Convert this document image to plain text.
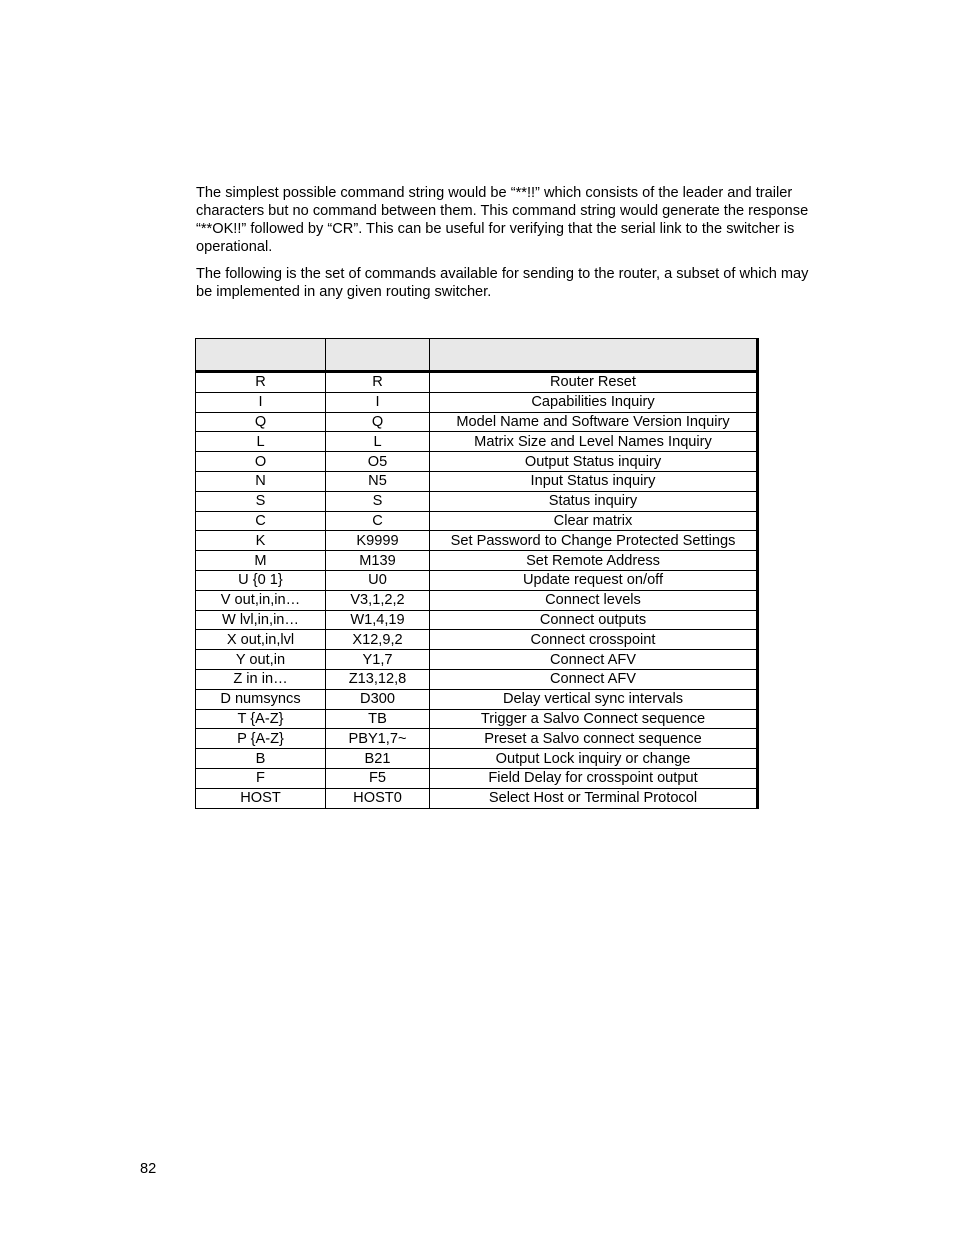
The simplest possible command string would be “**!!” which consists of the leader and trailer characters but no command between them. This command string would generate the response “**OK!!” followed by “CR”. This can be useful for verifying that the serial link to the switcher is operational.

The following is the set of commands available for sending to the router, a subset of which may be implemented in any given routing switcher.

R	R	Router Reset
I	I	Capabilities Inquiry
Q	Q	Model Name and Software Version Inquiry
L	L	Matrix Size and Level Names Inquiry
O	O5	Output Status inquiry
N	N5	Input Status inquiry
S	S	Status inquiry
C	C	Clear matrix
K	K9999	Set Password to Change Protected Settings
M	M139	Set Remote Address
U {0 1}	U0	Update request on/off
V out,in,in…	V3,1,2,2	Connect levels
W lvl,in,in…	W1,4,19	Connect outputs
X out,in,lvl	X12,9,2	Connect crosspoint
Y out,in	Y1,7	Connect AFV
Z in in…	Z13,12,8	Connect AFV
D numsyncs	D300	Delay vertical sync intervals
T {A-Z}	TB	Trigger a Salvo Connect sequence
P {A-Z}	PBY1,7~	Preset a Salvo connect sequence
B	B21	Output Lock inquiry or change
F	F5	Field Delay for crosspoint output
HOST	HOST0	Select Host or Terminal Protocol
82
